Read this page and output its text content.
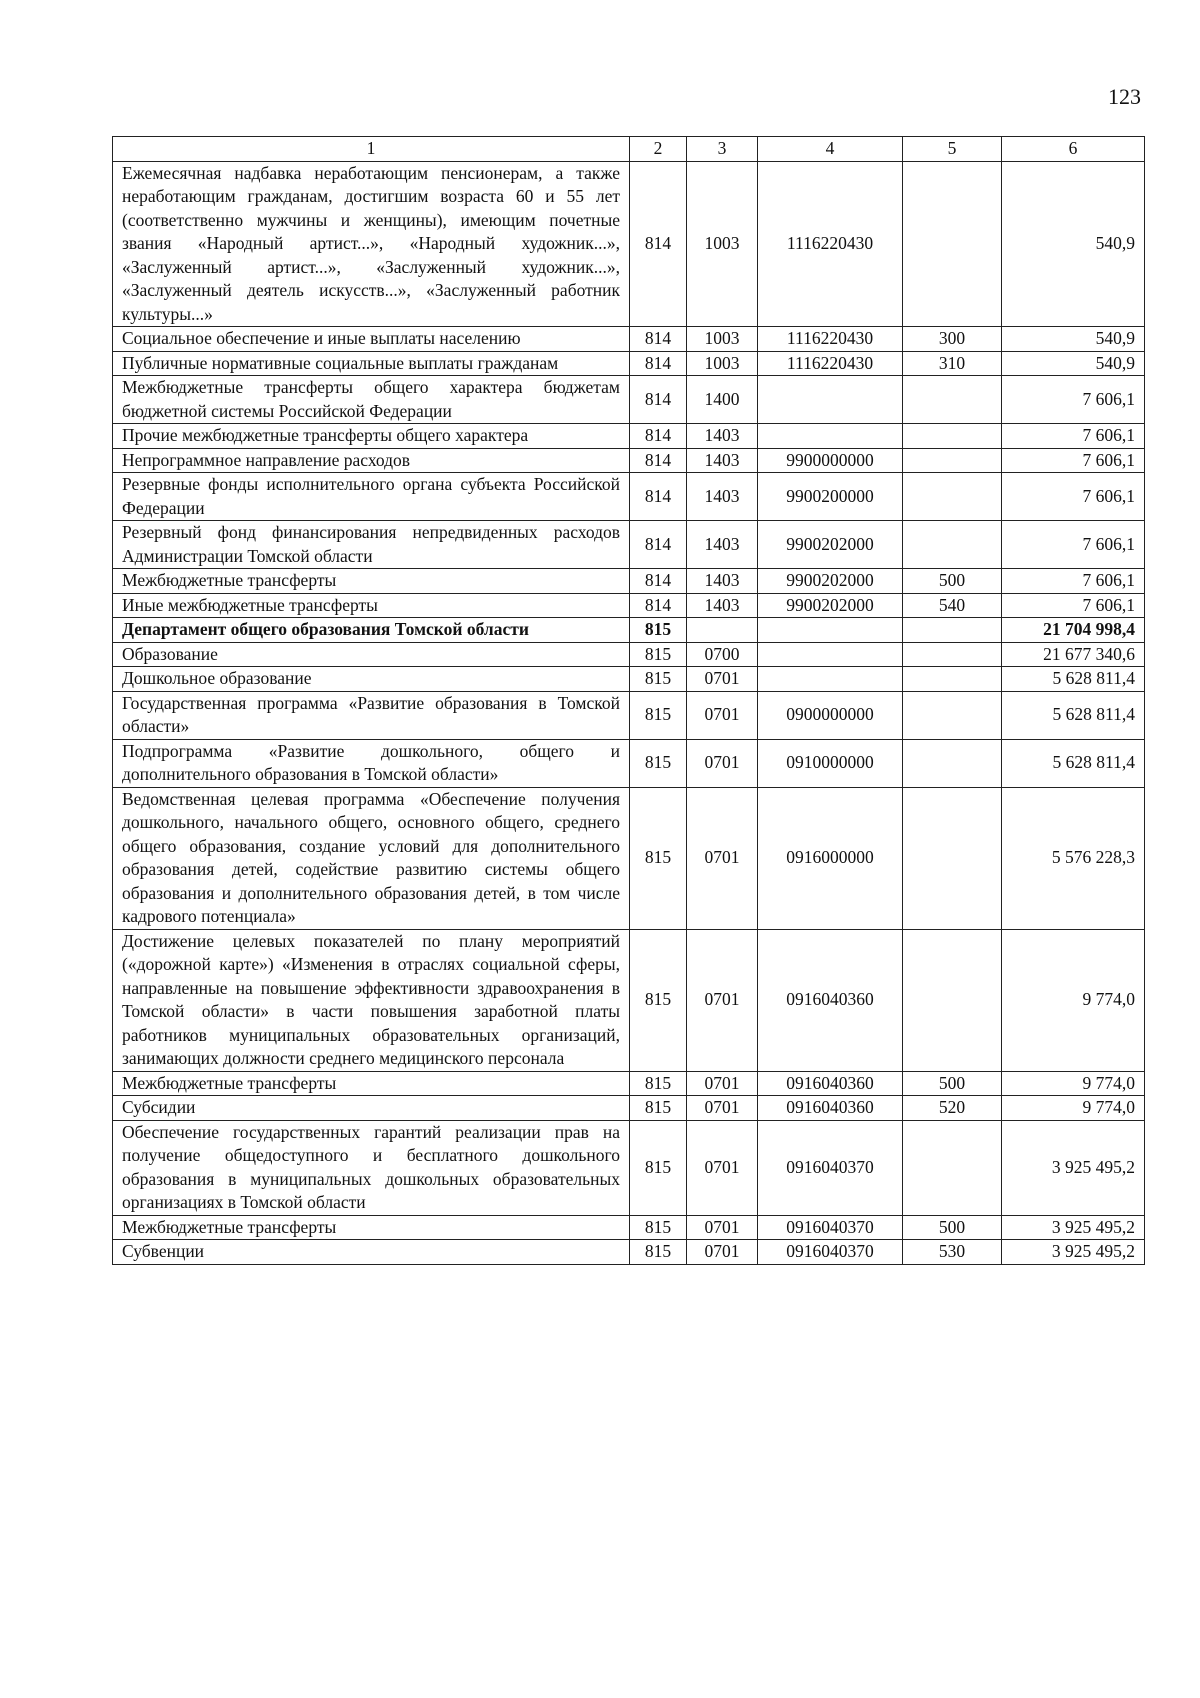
123
1	2	3	4	5	6
Ежемесячная надбавка неработающим пенсионерам, а также неработающим гражданам, достигшим возраста 60 и 55 лет (соответственно мужчины и женщины), имеющим почетные звания «Народный артист...», «Народный художник...», «Заслуженный артист...», «Заслуженный художник...», «Заслуженный деятель искусств...», «Заслуженный работник культуры...»	814	1003	1116220430		540,9
Социальное обеспечение и иные выплаты населению	814	1003	1116220430	300	540,9
Публичные нормативные социальные выплаты гражданам	814	1003	1116220430	310	540,9
Межбюджетные трансферты общего характера бюджетам бюджетной системы Российской Федерации	814	1400			7 606,1
Прочие межбюджетные трансферты общего характера	814	1403			7 606,1
Непрограммное направление расходов	814	1403	9900000000		7 606,1
Резервные фонды исполнительного органа субъекта Российской Федерации	814	1403	9900200000		7 606,1
Резервный фонд финансирования непредвиденных расходов Администрации Томской области	814	1403	9900202000		7 606,1
Межбюджетные трансферты	814	1403	9900202000	500	7 606,1
Иные межбюджетные трансферты	814	1403	9900202000	540	7 606,1
Департамент общего образования Томской области	815				21 704 998,4
Образование	815	0700			21 677 340,6
Дошкольное образование	815	0701			5 628 811,4
Государственная программа «Развитие образования в Томской области»	815	0701	0900000000		5 628 811,4
Подпрограмма «Развитие дошкольного, общего и дополнительного образования в Томской области»	815	0701	0910000000		5 628 811,4
Ведомственная целевая программа «Обеспечение получения дошкольного, начального общего, основного общего, среднего общего образования, создание условий для дополнительного образования детей, содействие развитию системы общего образования и дополнительного образования детей, в том числе кадрового потенциала»	815	0701	0916000000		5 576 228,3
Достижение целевых показателей по плану мероприятий («дорожной карте») «Изменения в отраслях социальной сферы, направленные на повышение эффективности здравоохранения в Томской области» в части повышения заработной платы работников муниципальных образовательных организаций, занимающих должности среднего медицинского персонала	815	0701	0916040360		9 774,0
Межбюджетные трансферты	815	0701	0916040360	500	9 774,0
Субсидии	815	0701	0916040360	520	9 774,0
Обеспечение государственных гарантий реализации прав на получение общедоступного и бесплатного дошкольного образования в муниципальных дошкольных образовательных организациях в Томской области	815	0701	0916040370		3 925 495,2
Межбюджетные трансферты	815	0701	0916040370	500	3 925 495,2
Субвенции	815	0701	0916040370	530	3 925 495,2
